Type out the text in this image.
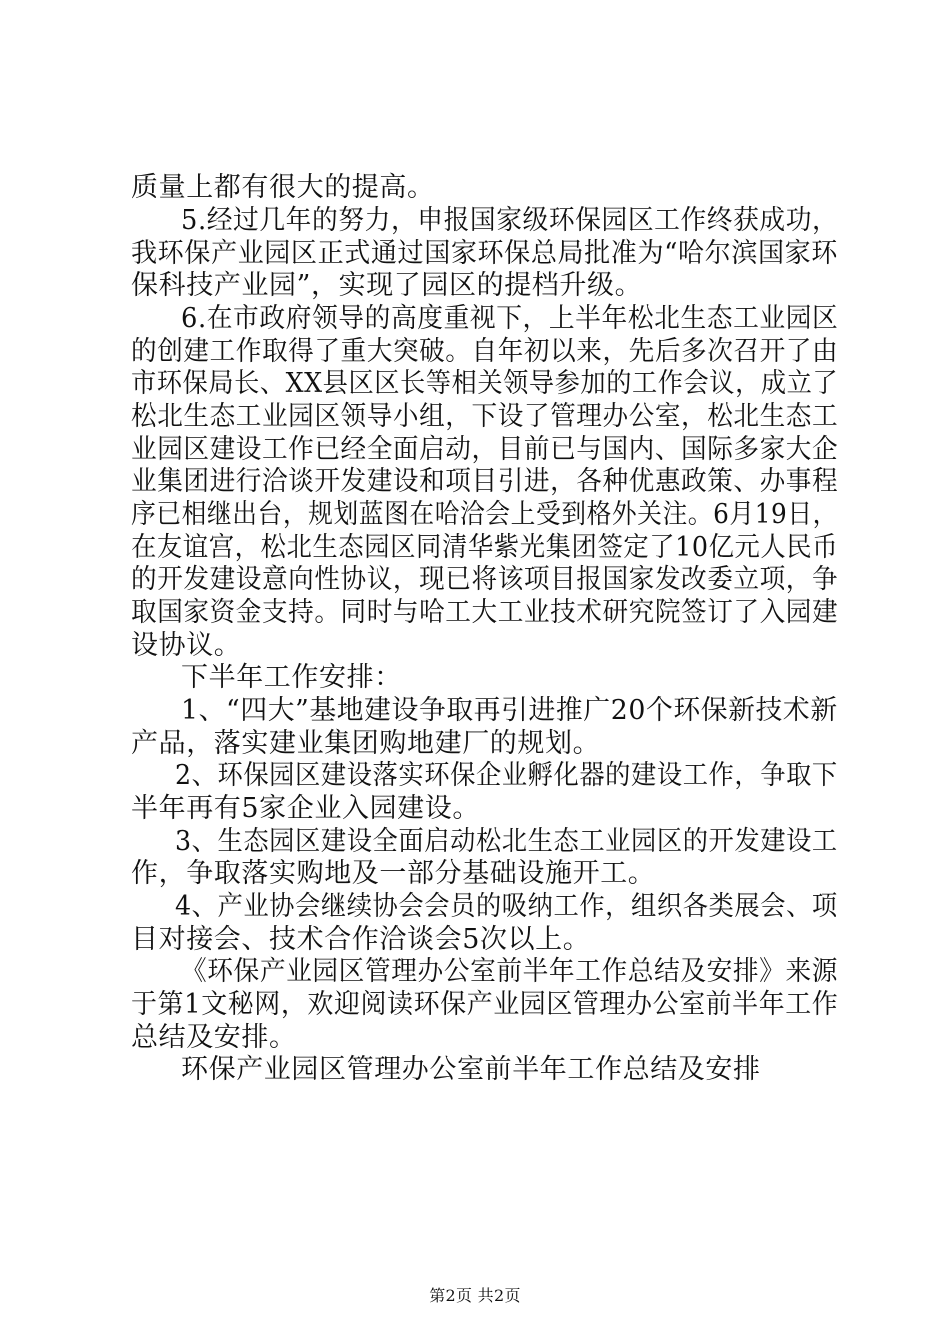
质量上都有很大的提高。
5.经过几年的努力，申报国家级环保园区工作终获成功，
我环保产业园区正式通过国家环保总局批准为“哈尔滨国家环
保科技产业园”，实现了园区的提档升级。
6.在市政府领导的高度重视下，上半年松北生态工业园区
的创建工作取得了重大突破。自年初以来，先后多次召开了由
市环保局长、XX县区区长等相关领导参加的工作会议，成立了
松北生态工业园区领导小组，下设了管理办公室，松北生态工
业园区建设工作已经全面启动，目前已与国内、国际多家大企
业集团进行洽谈开发建设和项目引进，各种优惠政策、办事程
序已相继出台，规划蓝图在哈洽会上受到格外关注。6月19日，
在友谊宫，松北生态园区同清华紫光集团签定了10亿元人民币
的开发建设意向性协议，现已将该项目报国家发改委立项，争
取国家资金支持。同时与哈工大工业技术研究院签订了入园建
设协议。
下半年工作安排：
1、“四大”基地建设争取再引进推广20个环保新技术新
产品，落实建业集团购地建厂的规划。
2、环保园区建设落实环保企业孵化器的建设工作，争取下
半年再有5家企业入园建设。
3、生态园区建设全面启动松北生态工业园区的开发建设工
作，争取落实购地及一部分基础设施开工。
4、产业协会继续协会会员的吸纳工作，组织各类展会、项
目对接会、技术合作洽谈会5次以上。
《环保产业园区管理办公室前半年工作总结及安排》来源
于第1文秘网，欢迎阅读环保产业园区管理办公室前半年工作
总结及安排。
环保产业园区管理办公室前半年工作总结及安排
第2页 共2页
